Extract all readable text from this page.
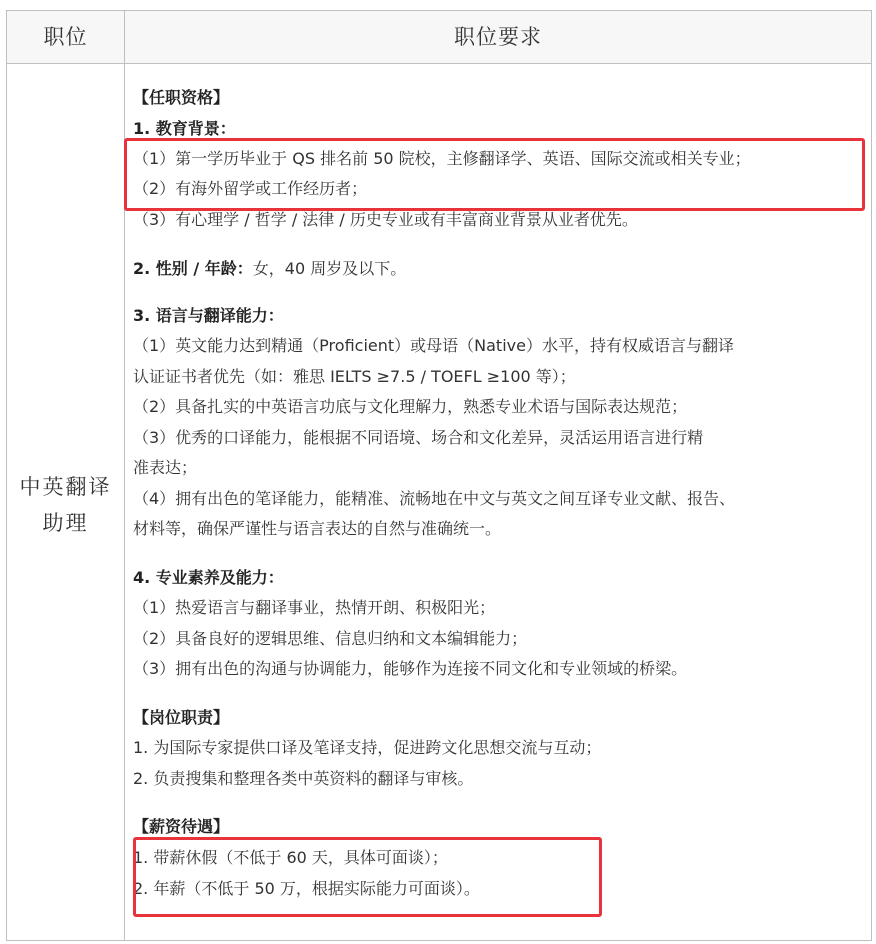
职位	职位要求
中英翻译
助理
【任职资格】
1. 教育背景：
（1）第一学历毕业于 QS 排名前 50 院校，主修翻译学、英语、国际交流或相关专业；
（2）有海外留学或工作经历者；
（3）有心理学 / 哲学 / 法律 / 历史专业或有丰富商业背景从业者优先。
2. 性别 / 年龄：女，40 周岁及以下。
3. 语言与翻译能力：
（1）英文能力达到精通（Proficient）或母语（Native）水平，持有权威语言与翻译
认证证书者优先（如：雅思 IELTS ≥7.5 / TOEFL ≥100 等）；
（2）具备扎实的中英语言功底与文化理解力，熟悉专业术语与国际表达规范；
（3）优秀的口译能力，能根据不同语境、场合和文化差异，灵活运用语言进行精
准表达；
（4）拥有出色的笔译能力，能精准、流畅地在中文与英文之间互译专业文献、报告、
材料等，确保严谨性与语言表达的自然与准确统一。
4. 专业素养及能力：
（1）热爱语言与翻译事业，热情开朗、积极阳光；
（2）具备良好的逻辑思维、信息归纳和文本编辑能力；
（3）拥有出色的沟通与协调能力，能够作为连接不同文化和专业领域的桥梁。
【岗位职责】
1. 为国际专家提供口译及笔译支持，促进跨文化思想交流与互动；
2. 负责搜集和整理各类中英资料的翻译与审核。
【薪资待遇】
1. 带薪休假（不低于 60 天，具体可面谈）；
2. 年薪（不低于 50 万，根据实际能力可面谈）。
